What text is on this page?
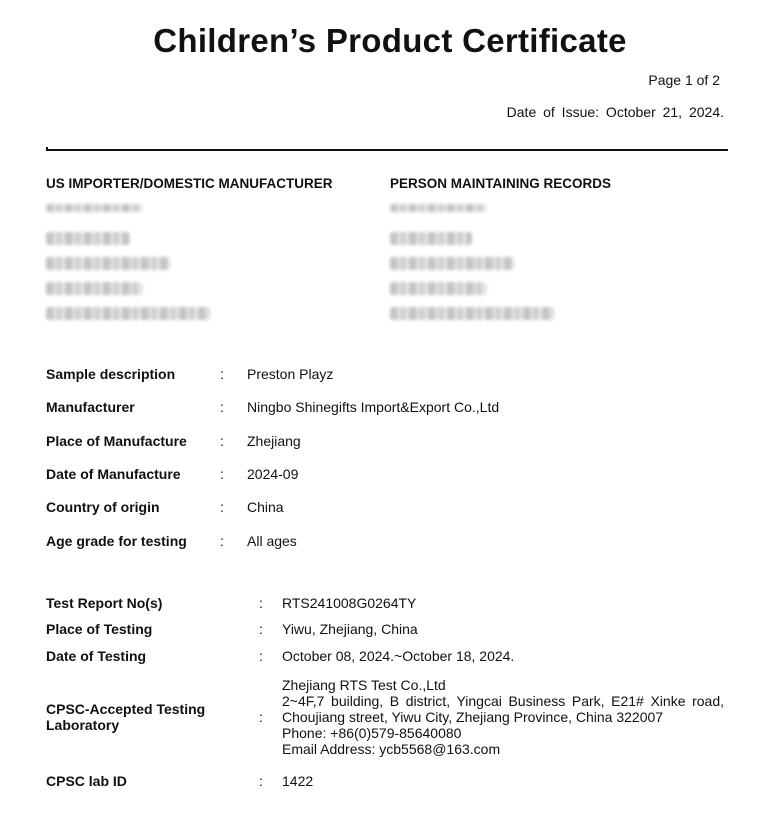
Children’s Product Certificate
Page 1 of 2
Date of Issue: October 21, 2024.
US IMPORTER/DOMESTIC MANUFACTURER	PERSON MAINTAINING RECORDS
Sample description	: Preston Playz
Manufacturer	: Ningbo Shinegifts Import&Export Co.,Ltd
Place of Manufacture : Zhejiang
Date of Manufacture	: 2024-09
Country of origin	: China
Age grade for testing : All ages
Test Report No(s)	: RTS241008G0264TY
Place of Testing	: Yiwu, Zhejiang, China
Date of Testing	: October 08, 2024.~October 18, 2024.
CPSC-Accepted Testing
Laboratory	:
Zhejiang RTS Test Co.,Ltd
2~4F,7 building, B district, Yingcai Business Park, E21# Xinke road,
Choujiang street, Yiwu City, Zhejiang Province, China 322007
Phone: +86(0)579-85640080
Email Address: ycb5568@163.com
CPSC lab ID	: 1422
